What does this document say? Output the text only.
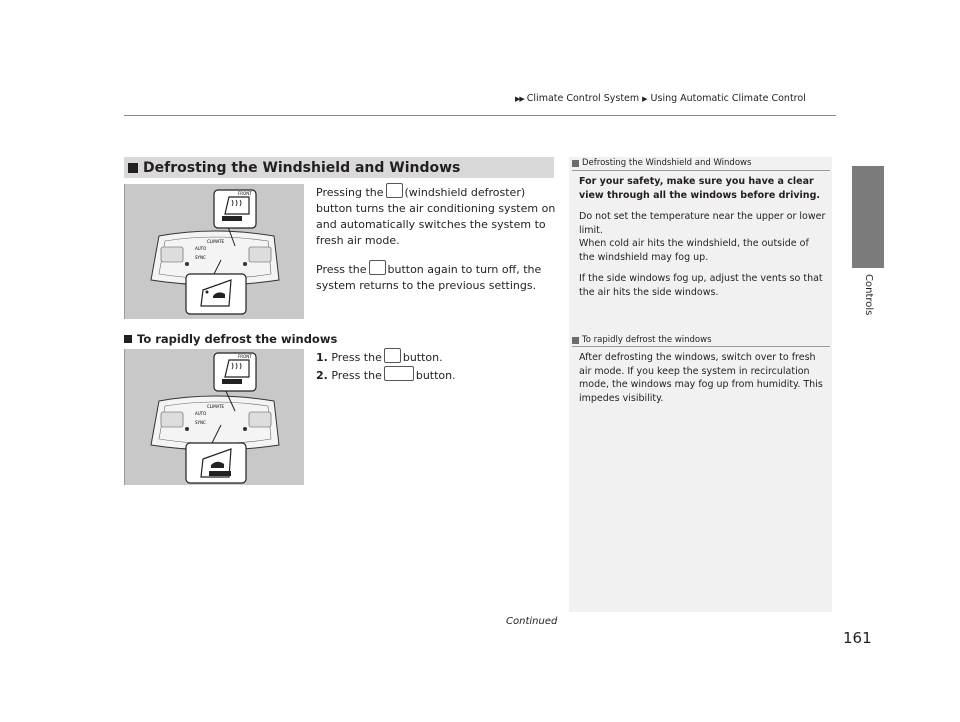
▶▶ Climate Control System ▶ Using Automatic Climate Control
Controls
Defrosting the Windshield and Windows
AUTO
CLIMATE
SYNC
FRONT	Pressing the (windshield defroster) button turns the air conditioning system on and automatically switches the system to fresh air mode.
Press the button again to turn off, the system returns to the previous settings.
To rapidly defrost the windows
AUTO
CLIMATE
SYNC
FRONT	1. Press the button.
2. Press the	button.
Defrosting the Windshield and Windows

For your safety, make sure you have a clear view through all the windows before driving.

Do not set the temperature near the upper or lower limit.

When cold air hits the windshield, the outside of the windshield may fog up.

If the side windows fog up, adjust the vents so that the air hits the side windows.

To rapidly defrost the windows

After defrosting the windows, switch over to fresh air mode. If you keep the system in recirculation mode, the windows may fog up from humidity. This impedes visibility.

Continued
161
